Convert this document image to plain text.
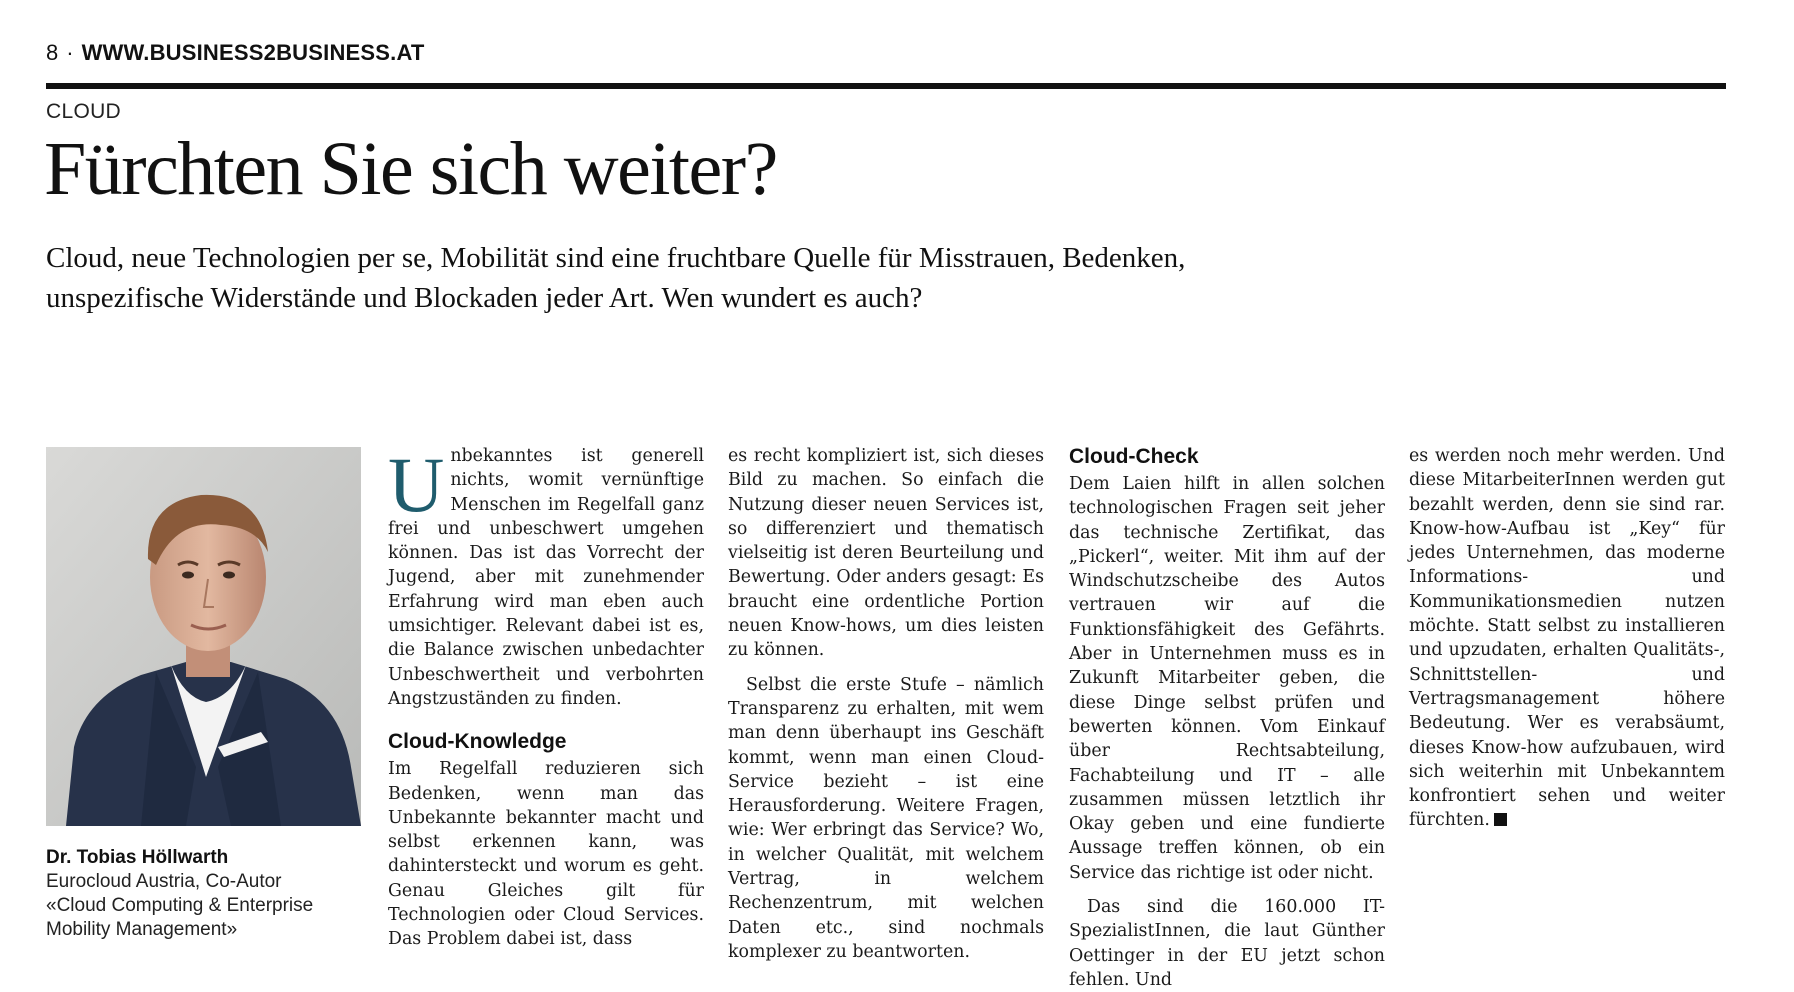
8 · WWW.BUSINESS2BUSINESS.AT
CLOUD
Fürchten Sie sich weiter?

Cloud, neue Technologien per se, Mobilität sind eine fruchtbare Quelle für Misstrauen, Bedenken, unspezifische Widerstände und Blockaden jeder Art. Wen wundert es auch?

Dr. Tobias Höllwarth
Eurocloud Austria, Co-Autor
«Cloud Computing & Enterprise Mobility Management»

Unbekanntes ist generell nichts, womit vernünftige Menschen im Regelfall ganz frei und unbeschwert umgehen können. Das ist das Vorrecht der Jugend, aber mit zunehmender Erfahrung wird man eben auch umsichtiger. Relevant dabei ist es, die Balance zwischen unbedachter Unbeschwertheit und verbohrten Angstzuständen zu finden.

Cloud-Knowledge

Im Regelfall reduzieren sich Bedenken, wenn man das Unbekannte bekannter macht und selbst erkennen kann, was dahintersteckt und worum es geht. Genau Gleiches gilt für Technologien oder Cloud Services. Das Problem dabei ist, dass

es recht kompliziert ist, sich dieses Bild zu machen. So einfach die Nutzung dieser neuen Services ist, so differenziert und thematisch vielseitig ist deren Beurteilung und Bewertung. Oder anders gesagt: Es braucht eine ordentliche Portion neuen Know-hows, um dies leisten zu können.

Selbst die erste Stufe – nämlich Transparenz zu erhalten, mit wem man denn überhaupt ins Geschäft kommt, wenn man einen Cloud-Service bezieht – ist eine Herausforderung. Weitere Fragen, wie: Wer erbringt das Service? Wo, in welcher Qualität, mit welchem Vertrag, in welchem Rechenzentrum, mit welchen Daten etc., sind nochmals komplexer zu beantworten.

Cloud-Check

Dem Laien hilft in allen solchen technologischen Fragen seit jeher das technische Zertifikat, das „Pickerl“, weiter. Mit ihm auf der Windschutzscheibe des Autos vertrauen wir auf die Funktionsfähigkeit des Gefährts. Aber in Unternehmen muss es in Zukunft Mitarbeiter geben, die diese Dinge selbst prüfen und bewerten können. Vom Einkauf über Rechtsabteilung, Fachabteilung und IT – alle zusammen müssen letztlich ihr Okay geben und eine fundierte Aussage treffen können, ob ein Service das richtige ist oder nicht.

Das sind die 160.000 IT-SpezialistInnen, die laut Günther Oettinger in der EU jetzt schon fehlen. Und

es werden noch mehr werden. Und diese MitarbeiterInnen werden gut bezahlt werden, denn sie sind rar. Know-how-Aufbau ist „Key“ für jedes Unternehmen, das moderne Informations- und Kommunikationsmedien nutzen möchte. Statt selbst zu installieren und upzudaten, erhalten Qualitäts-, Schnittstellen- und Vertragsmanagement höhere Bedeutung. Wer es verabsäumt, dieses Know-how aufzubauen, wird sich weiterhin mit Unbekanntem konfrontiert sehen und weiter fürchten.
